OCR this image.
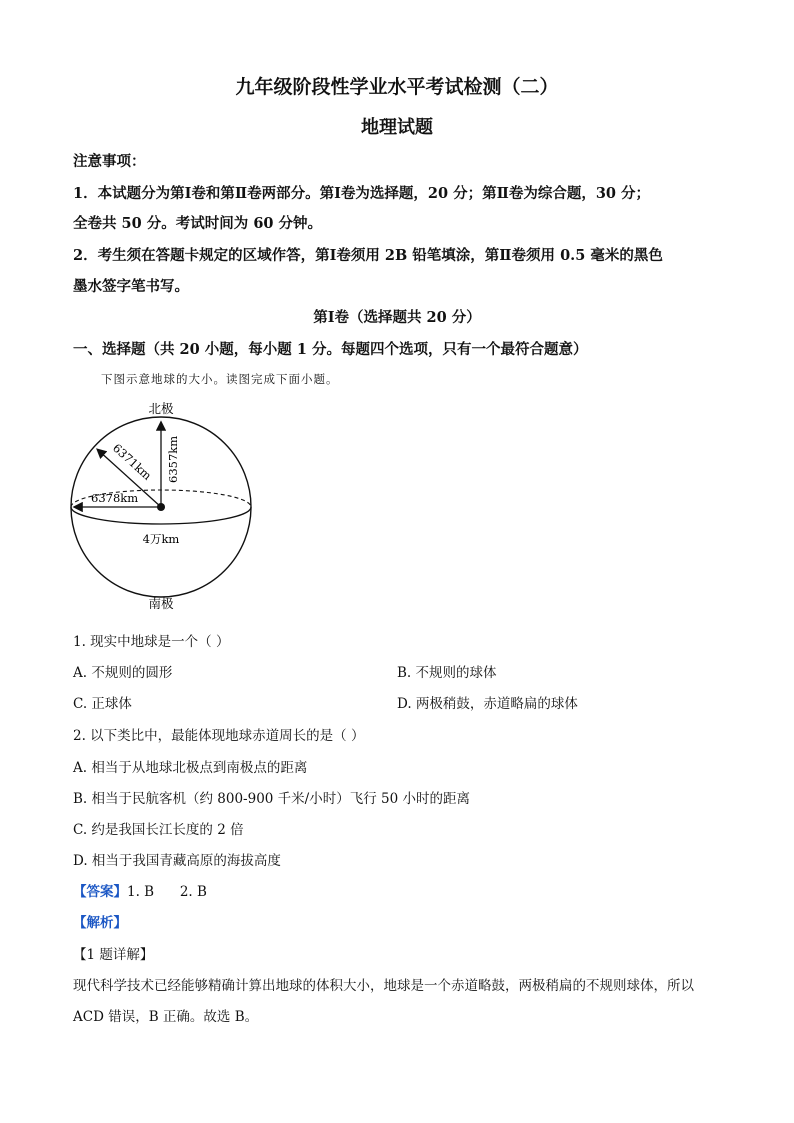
九年级阶段性学业水平考试检测（二）
地理试题
注意事项：
1．本试题分为第Ⅰ卷和第Ⅱ卷两部分。第Ⅰ卷为选择题，20 分；第Ⅱ卷为综合题，30 分；
全卷共 50 分。考试时间为 60 分钟。
2．考生须在答题卡规定的区域作答，第Ⅰ卷须用 2B 铅笔填涂，第Ⅱ卷须用 0.5 毫米的黑色
墨水签字笔书写。
第Ⅰ卷（选择题共 20 分）
一、选择题（共 20 小题，每小题 1 分。每题四个选项，只有一个最符合题意）
下图示意地球的大小。读图完成下面小题。
北极
南极
6357km
6371km
6378km
4万km
1. 现实中地球是一个（ ）
A. 不规则的圆形	B. 不规则的球体
C. 正球体	D. 两极稍鼓，赤道略扁的球体
2. 以下类比中，最能体现地球赤道周长的是（ ）
A. 相当于从地球北极点到南极点的距离
B. 相当于民航客机（约 800-900 千米/小时）飞行 50 小时的距离
C. 约是我国长江长度的 2 倍
D. 相当于我国青藏高原的海拔高度
【答案】1. B      2. B
【解析】
【1 题详解】
现代科学技术已经能够精确计算出地球的体积大小，地球是一个赤道略鼓，两极稍扁的不规则球体，所以
ACD 错误，B 正确。故选 B。
